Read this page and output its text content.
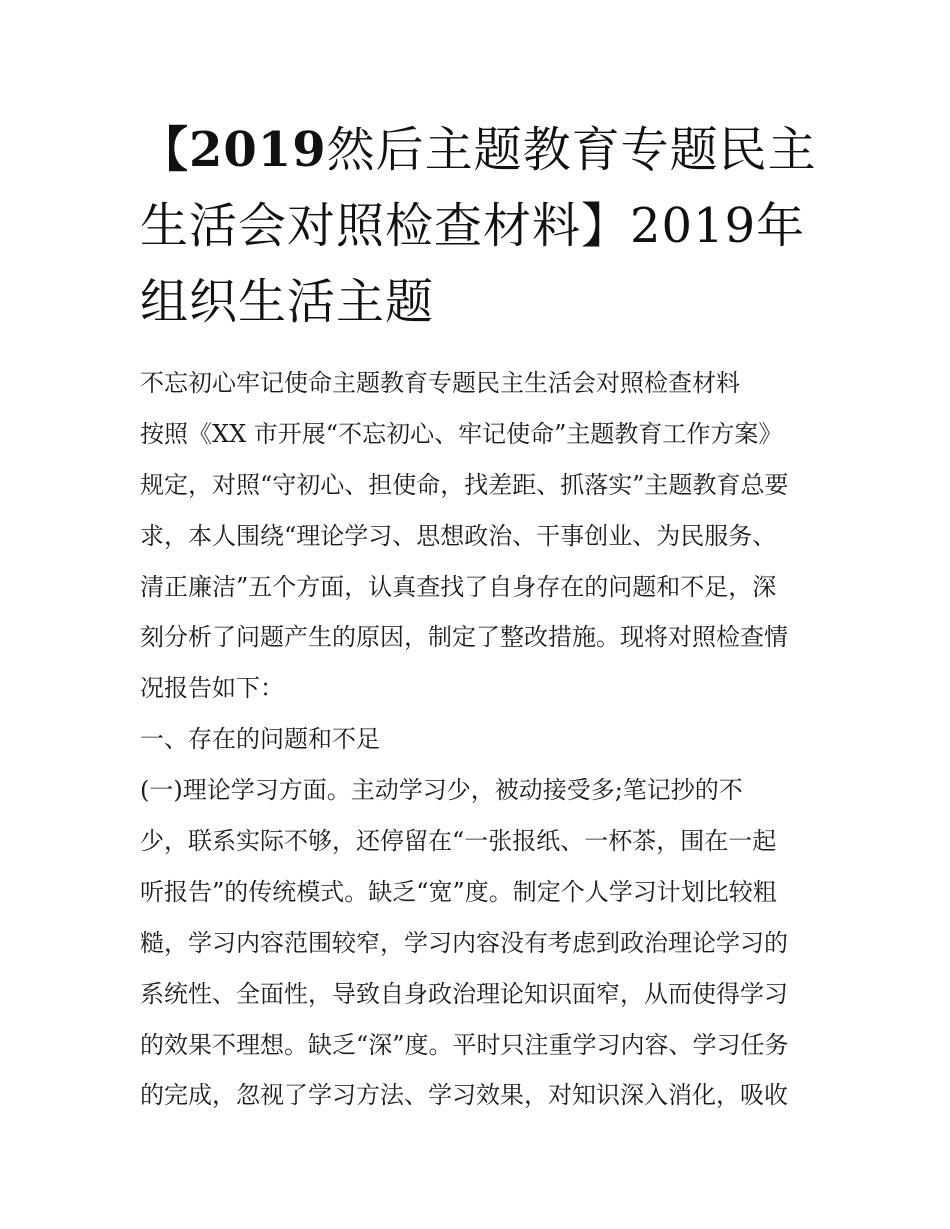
【2019然后主题教育专题民主
生活会对照检查材料】2019年
组织生活主题
不忘初心牢记使命主题教育专题民主生活会对照检查材料
按照《XX 市开展“不忘初心、牢记使命”主题教育工作方案》
规定，对照“守初心、担使命，找差距、抓落实”主题教育总要
求，本人围绕“理论学习、思想政治、干事创业、为民服务、
清正廉洁”五个方面，认真查找了自身存在的问题和不足，深
刻分析了问题产生的原因，制定了整改措施。现将对照检查情
况报告如下：
一、存在的问题和不足
(一)理论学习方面。主动学习少，被动接受多;笔记抄的不
少，联系实际不够，还停留在“一张报纸、一杯茶，围在一起
听报告”的传统模式。缺乏“宽”度。制定个人学习计划比较粗
糙，学习内容范围较窄，学习内容没有考虑到政治理论学习的
系统性、全面性，导致自身政治理论知识面窄，从而使得学习
的效果不理想。缺乏“深”度。平时只注重学习内容、学习任务
的完成，忽视了学习方法、学习效果，对知识深入消化，吸收
